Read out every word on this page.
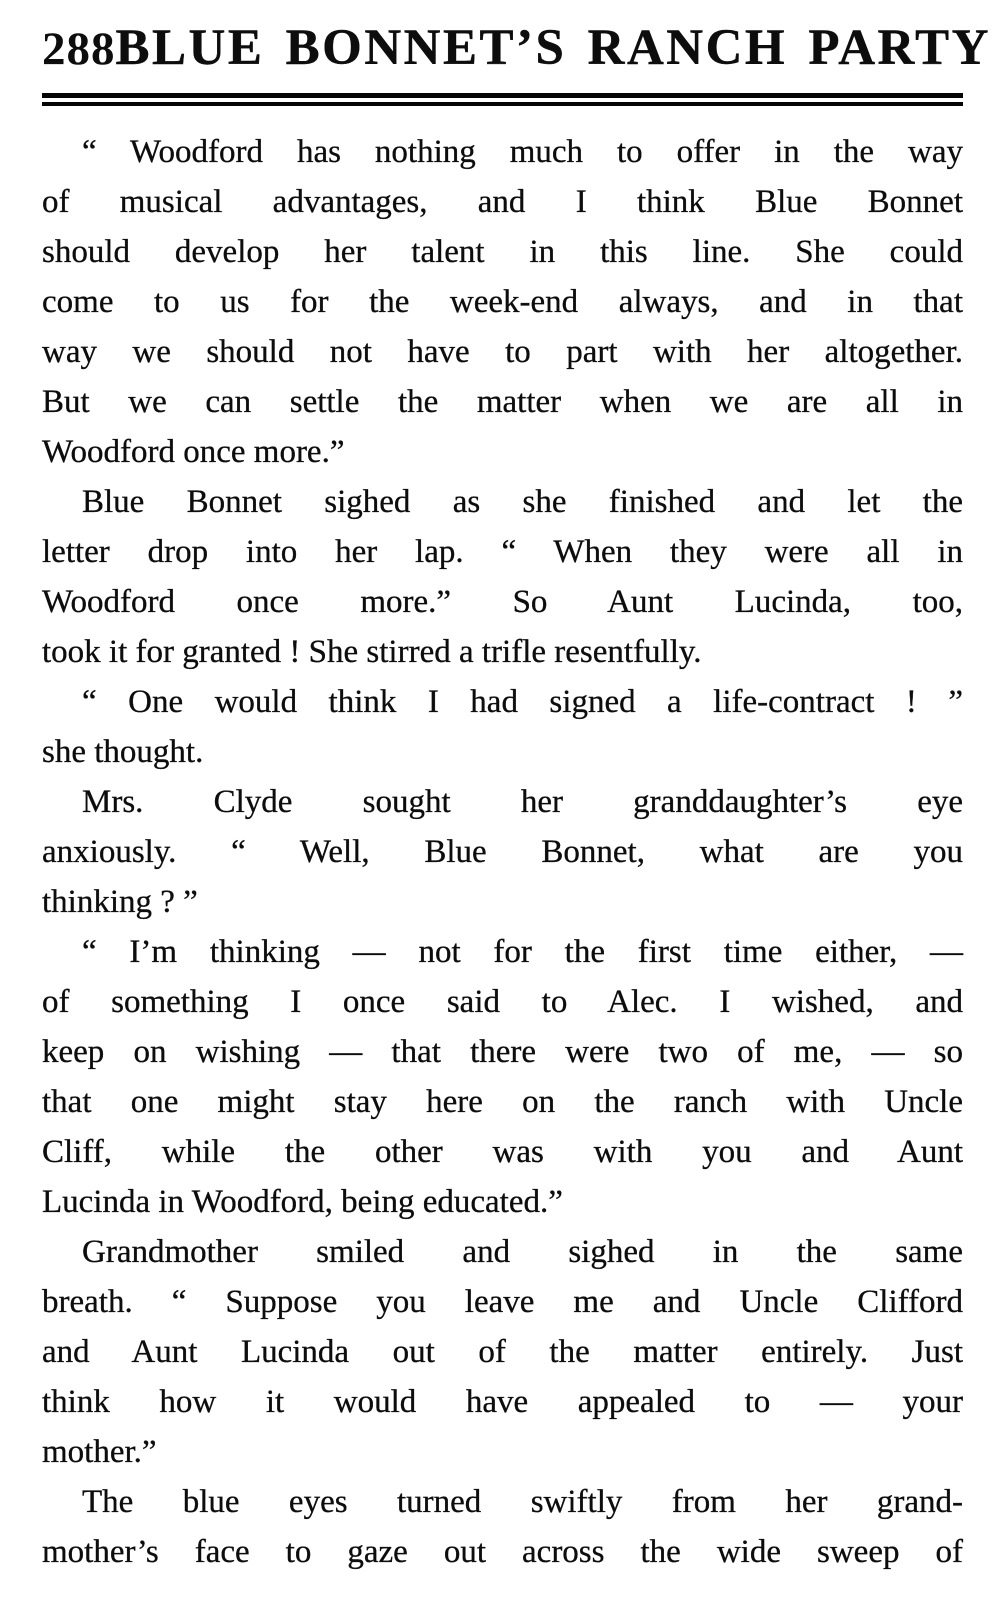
288 BLUE BONNET’S RANCH PARTY

“ Woodford has nothing much to offer in the way
of musical advantages, and I think Blue Bonnet
should develop her talent in this line. She could
come to us for the week-end always, and in that
way we should not have to part with her altogether.
But we can settle the matter when we are all in
Woodford once more.”

Blue Bonnet sighed as she finished and let the
letter drop into her lap. “ When they were all in
Woodford once more.” So Aunt Lucinda, too,
took it for granted ! She stirred a trifle resentfully.

“ One would think I had signed a life-contract ! ”
she thought.

Mrs. Clyde sought her granddaughter’s eye
anxiously. “ Well, Blue Bonnet, what are you
thinking ? ”

“ I’m thinking — not for the first time either, —
of something I once said to Alec. I wished, and
keep on wishing — that there were two of me, — so
that one might stay here on the ranch with Uncle
Cliff, while the other was with you and Aunt
Lucinda in Woodford, being educated.”

Grandmother smiled and sighed in the same
breath. “ Suppose you leave me and Uncle Clifford
and Aunt Lucinda out of the matter entirely. Just
think how it would have appealed to — your
mother.”

The blue eyes turned swiftly from her grand-
mother’s face to gaze out across the wide sweep of
